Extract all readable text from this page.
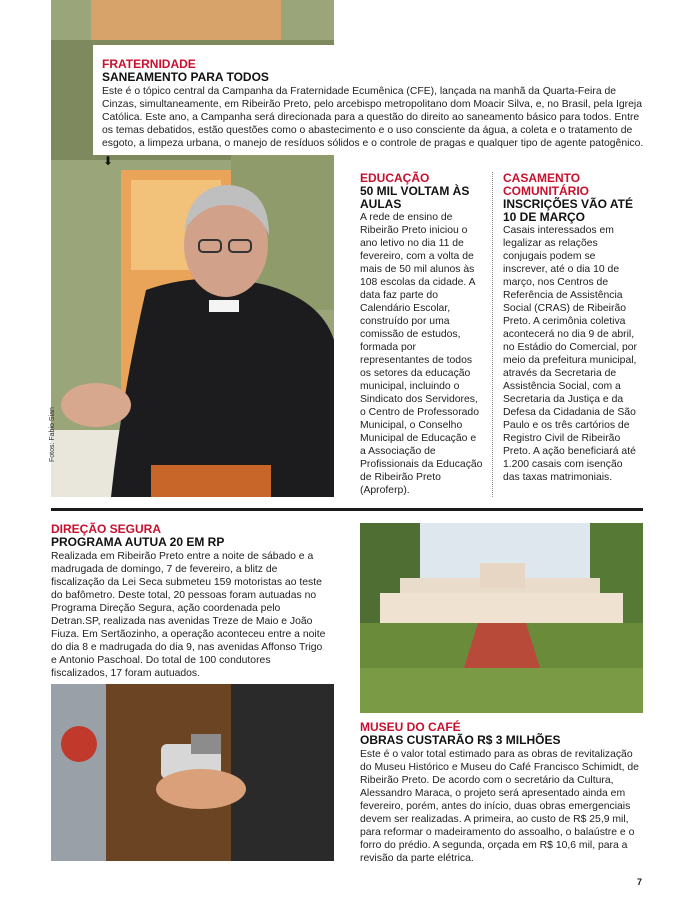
Fotos: Fabio Sian
FRATERNIDADE
SANEAMENTO PARA TODOS
Este é o tópico central da Campanha da Fraternidade Ecumênica (CFE), lançada na manhã da Quarta-Feira de Cinzas, simultaneamente, em Ribeirão Preto, pelo arcebispo metropolitano dom Moacir Silva, e, no Brasil, pela Igreja Católica. Este ano, a Campanha será direcionada para a questão do direito ao saneamento básico para todos. Entre os temas debatidos, estão questões como o abastecimento e o uso consciente da água, a coleta e o tratamento de esgoto, a limpeza urbana, o manejo de resíduos sólidos e o controle de pragas e qualquer tipo de agente patogênico.
⬇
EDUCAÇÃO
50 MIL VOLTAM ÀS AULAS
A rede de ensino de Ribeirão Preto iniciou o ano letivo no dia 11 de fevereiro, com a volta de mais de 50 mil alunos às 108 escolas da cidade. A data faz parte do Calendário Escolar, construído por uma comissão de estudos, formada por representantes de todos os setores da educação municipal, incluindo o Sindicato dos Servidores, o Centro de Professorado Municipal, o Conselho Municipal de Educação e a Associação de Profissionais da Educação de Ribeirão Preto (Aproferp).
CASAMENTO COMUNITÁRIO
INSCRIÇÕES VÃO ATÉ 10 DE MARÇO
Casais interessados em legalizar as relações conjugais podem se inscrever, até o dia 10 de março, nos Centros de Referência de Assistência Social (CRAS) de Ribeirão Preto. A cerimônia coletiva acontecerá no dia 9 de abril, no Estádio do Comercial, por meio da prefeitura municipal, através da Secretaria de Assistência Social, com a Secretaria da Justiça e da Defesa da Cidadania de São Paulo e os três cartórios de Registro Civil de Ribeirão Preto. A ação beneficiará até 1.200 casais com isenção das taxas matrimoniais.
DIREÇÃO SEGURA
PROGRAMA AUTUA 20 EM RP
Realizada em Ribeirão Preto entre a noite de sábado e a madrugada de domingo, 7 de fevereiro, a blitz de fiscalização da Lei Seca submeteu 159 motoristas ao teste do bafômetro. Deste total, 20 pessoas foram autuadas no Programa Direção Segura, ação coordenada pelo Detran.SP, realizada nas avenidas Treze de Maio e João Fiuza. Em Sertãozinho, a operação aconteceu entre a noite do dia 8 e madrugada do dia 9, nas avenidas Affonso Trigo e Antonio Paschoal. Do total de 100 condutores fiscalizados, 17 foram autuados.
MUSEU DO CAFÉ
OBRAS CUSTARÃO R$ 3 MILHÕES
Este é o valor total estimado para as obras de revitalização do Museu Histórico e Museu do Café Francisco Schimidt, de Ribeirão Preto. De acordo com o secretário da Cultura, Alessandro Maraca, o projeto será apresentado ainda em fevereiro, porém, antes do início, duas obras emergenciais devem ser realizadas. A primeira, ao custo de R$ 25,9 mil, para reformar o madeiramento do assoalho, o balaústre e o forro do prédio. A segunda, orçada em R$ 10,6 mil, para a revisão da parte elétrica.
7
